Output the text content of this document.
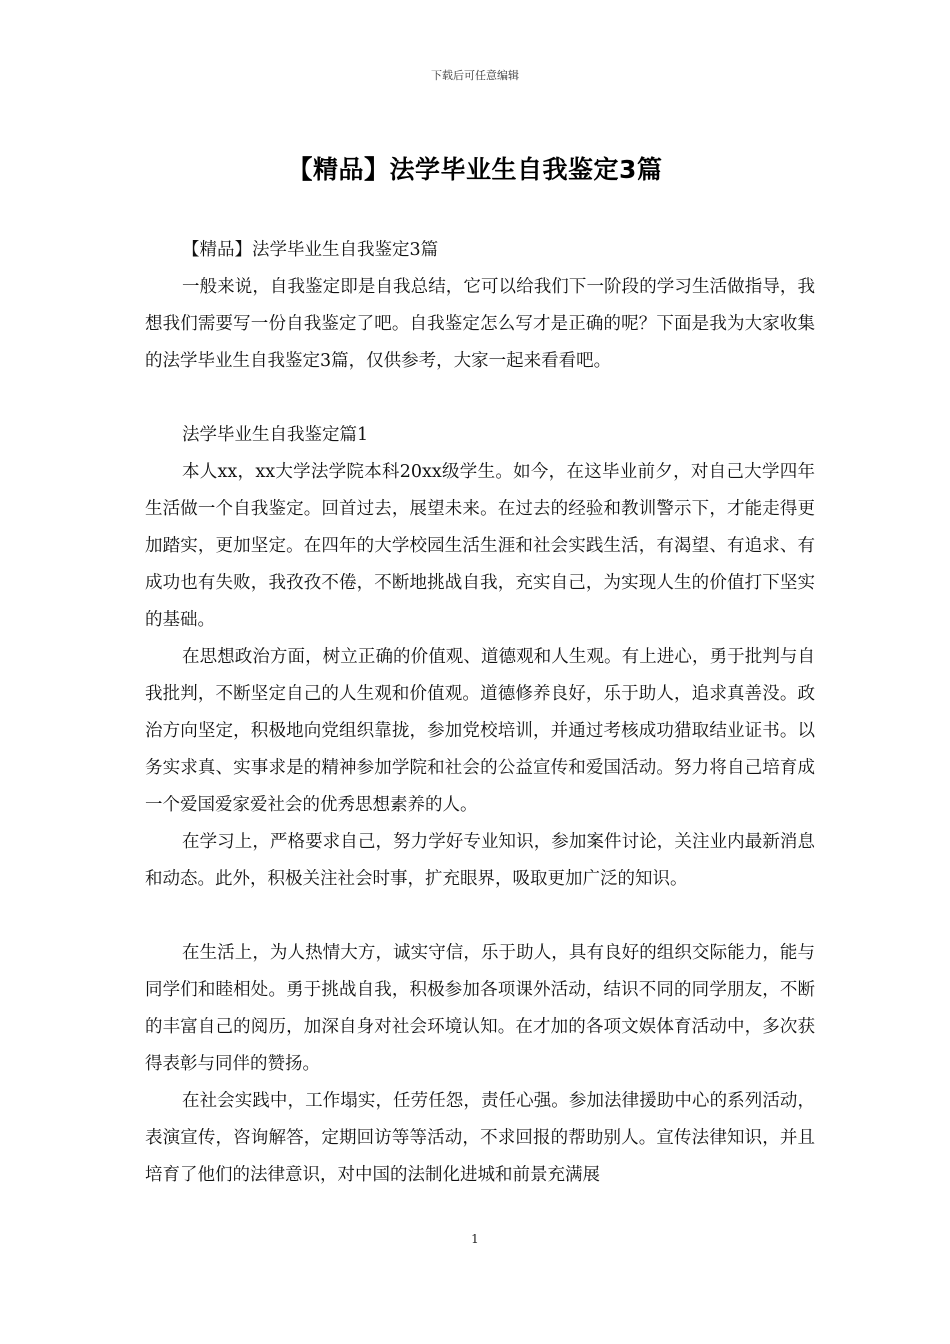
下载后可任意编辑
【精品】法学毕业生自我鉴定3篇

【精品】法学毕业生自我鉴定3篇

一般来说，自我鉴定即是自我总结，它可以给我们下一阶段的学习生活做指导，我想我们需要写一份自我鉴定了吧。自我鉴定怎么写才是正确的呢？下面是我为大家收集的法学毕业生自我鉴定3篇，仅供参考，大家一起来看看吧。

法学毕业生自我鉴定篇1

本人xx，xx大学法学院本科20xx级学生。如今，在这毕业前夕，对自己大学四年生活做一个自我鉴定。回首过去，展望未来。在过去的经验和教训警示下，才能走得更加踏实，更加坚定。在四年的大学校园生活生涯和社会实践生活，有渴望、有追求、有成功也有失败，我孜孜不倦，不断地挑战自我，充实自己，为实现人生的价值打下坚实的基础。

在思想政治方面，树立正确的价值观、道德观和人生观。有上进心，勇于批判与自我批判，不断坚定自己的人生观和价值观。道德修养良好，乐于助人，追求真善没。政治方向坚定，积极地向党组织靠拢，参加党校培训，并通过考核成功猎取结业证书。以务实求真、实事求是的精神参加学院和社会的公益宣传和爱国活动。努力将自己培育成一个爱国爱家爱社会的优秀思想素养的人。

在学习上，严格要求自己，努力学好专业知识，参加案件讨论，关注业内最新消息和动态。此外，积极关注社会时事，扩充眼界，吸取更加广泛的知识。

在生活上，为人热情大方，诚实守信，乐于助人，具有良好的组织交际能力，能与同学们和睦相处。勇于挑战自我，积极参加各项课外活动，结识不同的同学朋友，不断的丰富自己的阅历，加深自身对社会环境认知。在才加的各项文娱体育活动中，多次获得表彰与同伴的赞扬。

在社会实践中，工作塌实，任劳任怨，责任心强。参加法律援助中心的系列活动，表演宣传，咨询解答，定期回访等等活动，不求回报的帮助别人。宣传法律知识，并且培育了他们的法律意识，对中国的法制化进城和前景充满展

1
